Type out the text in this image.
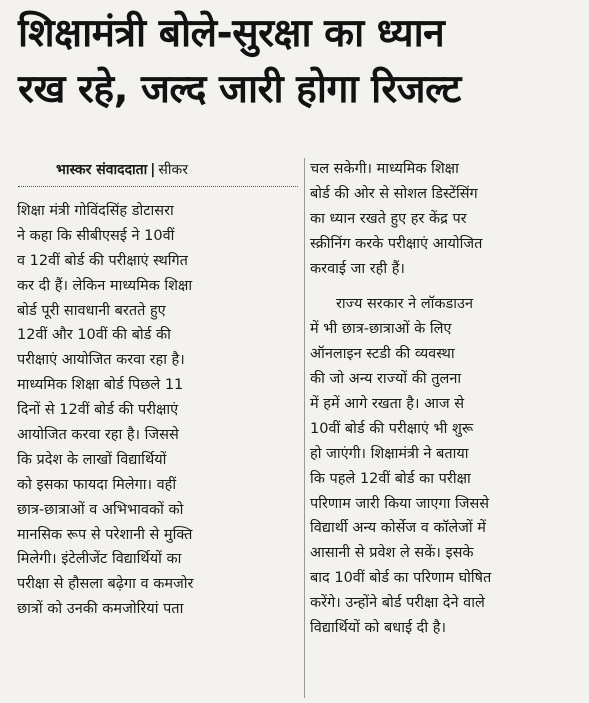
शिक्षामंत्री बोले-सुरक्षा का ध्यान
रख रहे, जल्द जारी होगा रिजल्ट
भास्कर संवाददाता | सीकर
शिक्षा मंत्री गोविंदसिंह डोटासरा
ने कहा कि सीबीएसई ने 10वीं
व 12वीं बोर्ड की परीक्षाएं स्थगित
कर दी हैं। लेकिन माध्यमिक शिक्षा
बोर्ड पूरी सावधानी बरतते हुए
12वीं और 10वीं की बोर्ड की
परीक्षाएं आयोजित करवा रहा है।
माध्यमिक शिक्षा बोर्ड पिछले 11
दिनों से 12वीं बोर्ड की परीक्षाएं
आयोजित करवा रहा है। जिससे
कि प्रदेश के लाखों विद्यार्थियों
को इसका फायदा मिलेगा। वहीं
छात्र-छात्राओं व अभिभावकों को
मानसिक रूप से परेशानी से मुक्ति
मिलेगी। इंटेलीजेंट विद्यार्थियों का
परीक्षा से हौसला बढ़ेगा व कमजोर
छात्रों को उनकी कमजोरियां पता
चल सकेगी। माध्यमिक शिक्षा
बोर्ड की ओर से सोशल डिस्टेंसिंग
का ध्यान रखते हुए हर केंद्र पर
स्क्रीनिंग करके परीक्षाएं आयोजित
करवाई जा रही हैं।
राज्य सरकार ने लॉकडाउन
में भी छात्र-छात्राओं के लिए
ऑनलाइन स्टडी की व्यवस्था
की जो अन्य राज्यों की तुलना
में हमें आगे रखता है। आज से
10वीं बोर्ड की परीक्षाएं भी शुरू
हो जाएंगी। शिक्षामंत्री ने बताया
कि पहले 12वीं बोर्ड का परीक्षा
परिणाम जारी किया जाएगा जिससे
विद्यार्थी अन्य कोर्सेज व कॉलेजों में
आसानी से प्रवेश ले सकें। इसके
बाद 10वीं बोर्ड का परिणाम घोषित
करेंगे। उन्होंने बोर्ड परीक्षा देने वाले
विद्यार्थियों को बधाई दी है।
